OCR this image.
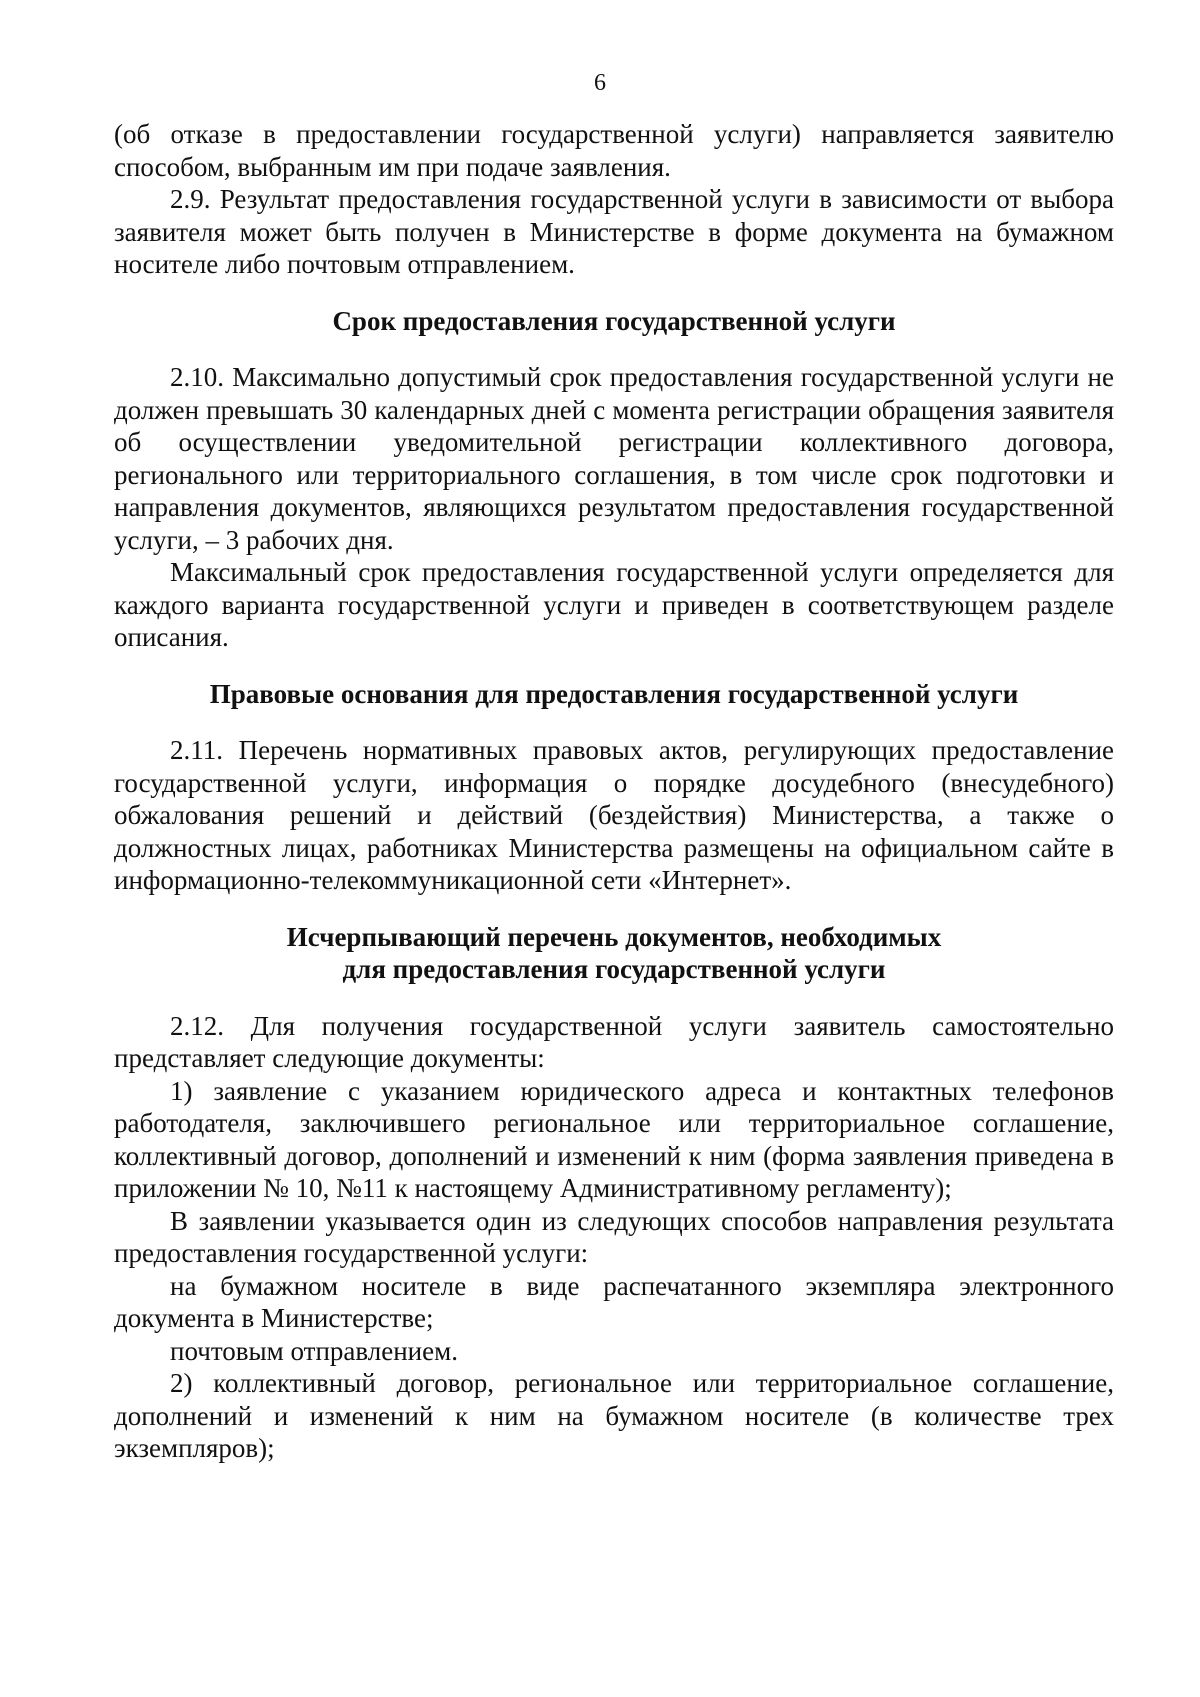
6

(об отказе в предоставлении государственной услуги) направляется заявителю способом, выбранным им при подаче заявления.

2.9. Результат предоставления государственной услуги в зависимости от выбора заявителя может быть получен в Министерстве в форме документа на бумажном носителе либо почтовым отправлением.

Срок предоставления государственной услуги

2.10. Максимально допустимый срок предоставления государственной услуги не должен превышать 30 календарных дней с момента регистрации обращения заявителя об осуществлении уведомительной регистрации коллективного договора, регионального или территориального соглашения, в том числе срок подготовки и направления документов, являющихся результатом предоставления государственной услуги, – 3 рабочих дня.

Максимальный срок предоставления государственной услуги определяется для каждого варианта государственной услуги и приведен в соответствующем разделе описания.

Правовые основания для предоставления государственной услуги

2.11. Перечень нормативных правовых актов, регулирующих предоставление государственной услуги, информация о порядке досудебного (внесудебного) обжалования решений и действий (бездействия) Министерства, а также о должностных лицах, работниках Министерства размещены на официальном сайте в информационно-телекоммуникационной сети «Интернет».

Исчерпывающий перечень документов, необходимых
для предоставления государственной услуги

2.12. Для получения государственной услуги заявитель самостоятельно представляет следующие документы:

1) заявление с указанием юридического адреса и контактных телефонов работодателя, заключившего региональное или территориальное соглашение, коллективный договор, дополнений и изменений к ним (форма заявления приведена в приложении № 10, №11 к настоящему Административному регламенту);

В заявлении указывается один из следующих способов направления результата предоставления государственной услуги:

на бумажном носителе в виде распечатанного экземпляра электронного документа в Министерстве;

почтовым отправлением.

2) коллективный договор, региональное или территориальное соглашение, дополнений и изменений к ним на бумажном носителе (в количестве трех экземпляров);
